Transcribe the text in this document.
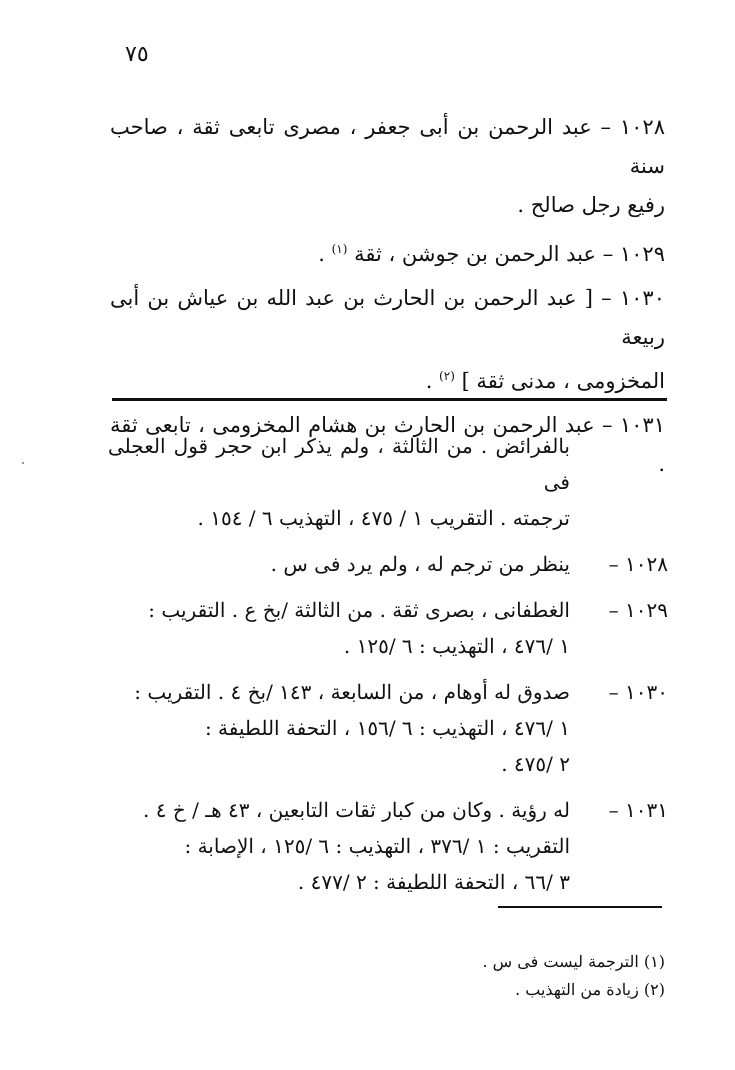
٧٥

١٠٢٨ – عبد الرحمن بن أبى جعفر ، مصرى تابعى ثقة ، صاحب سنة
رفيع رجل صالح .

١٠٢٩ – عبد الرحمن بن جوشن ، ثقة $^{(١)}$ .

١٠٣٠ – [ عبد الرحمن بن الحارث بن عبد الله بن عياش بن أبى ربيعة
المخزومى ، مدنى ثقة ] $^{(٢)}$ .

١٠٣١ – عبد الرحمن بن الحارث بن هشام المخزومى ، تابعى ثقة .

بالفرائض . من الثالثة ، ولم يذكر ابن حجر قول العجلى فى
ترجمته . التقريب ١ / ٤٧٥ ، التهذيب ٦ / ١٥٤ .
١٠٢٨ –
ينظر من ترجم له ، ولم يرد فى س .
١٠٢٩ –
الغطفانى ، بصرى ثقة . من الثالثة /بخ ع . التقريب :
١ /٤٧٦ ، التهذيب : ٦ /١٢٥ .
١٠٣٠ –
صدوق له أوهام ، من السابعة ، ١٤٣ /بخ ٤ . التقريب :
١ /٤٧٦ ، التهذيب : ٦ /١٥٦ ، التحفة اللطيفة :
٢ /٤٧٥ .
١٠٣١ –
له رؤية . وكان من كبار ثقات التابعين ، ٤٣ هـ / خ ٤ .
التقريب : ١ /٣٧٦ ، التهذيب : ٦ /١٢٥ ، الإصابة :
٣ /٦٦ ، التحفة اللطيفة : ٢ /٤٧٧ .
(١) الترجمة ليست فى س .
(٢) زيادة من التهذيب .
